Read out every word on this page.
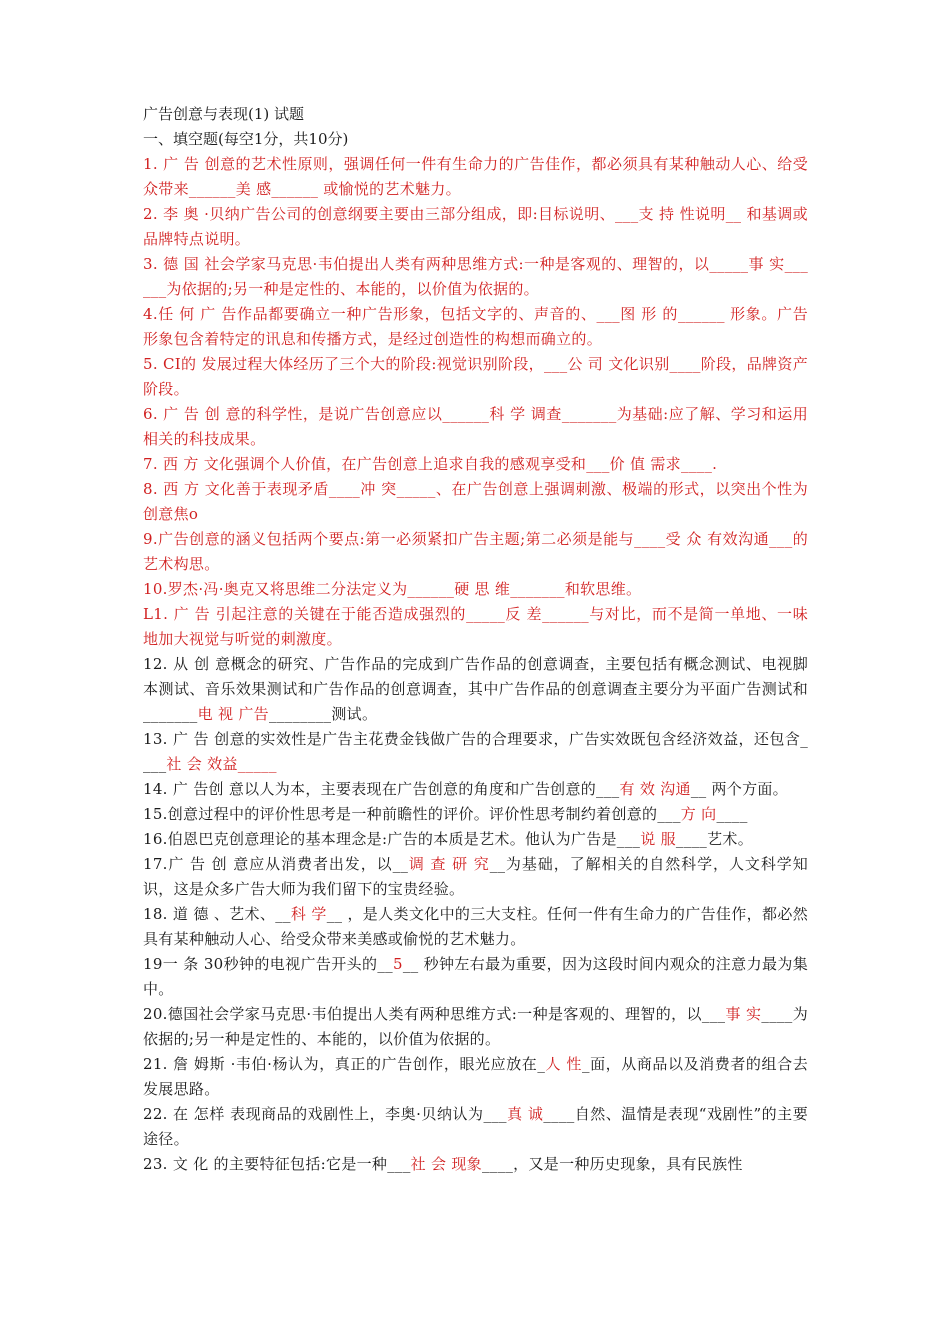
广告创意与表现(1) 试题
一、填空题(每空1分，共10分)
1. 广 告 创意的艺术性原则，强调任何一件有生命力的广告佳作，都必须具有某种触动人心、给受众带来______美 感______ 或愉悦的艺术魅力。
2. 李 奥 ·贝纳广告公司的创意纲要主要由三部分组成，即:目标说明、___支 持 性说明__ 和基调或品牌特点说明。
3. 德 国 社会学家马克思·韦伯提出人类有两种思维方式:一种是客观的、理智的，以_____事 实______为依据的;另一种是定性的、本能的，以价值为依据的。
4.任 何 广 告作品都要确立一种广告形象，包括文字的、声音的、___图 形 的______ 形象。广告形象包含着特定的讯息和传播方式，是经过创造性的构想而确立的。
5. CI的 发展过程大体经历了三个大的阶段:视觉识别阶段，___公 司 文化识别____阶段，品牌资产阶段。
6. 广 告 创 意的科学性，是说广告创意应以______科 学 调查_______为基础:应了解、学习和运用相关的科技成果。
7. 西 方 文化强调个人价值，在广告创意上追求自我的感观享受和___价 值 需求____.
8. 西 方 文化善于表现矛盾____冲 突_____、在广告创意上强调刺激、极端的形式，以突出个性为创意焦o
9.广告创意的涵义包括两个要点:第一必须紧扣广告主题;第二必须是能与____受 众 有效沟通___的艺术构思。
10.罗杰·冯·奥克又将思维二分法定义为______硬 思 维_______和软思维。
L1. 广 告 引起注意的关键在于能否造成强烈的_____反 差______与对比，而不是简一单地、一味地加大视觉与听觉的刺激度。
12. 从 创 意概念的研究、广告作品的完成到广告作品的创意调查，主要包括有概念测试、电视脚本测试、音乐效果测试和广告作品的创意调查，其中广告作品的创意调查主要分为平面广告测试和_______电 视 广告________测试。
13. 广 告 创意的实效性是广告主花费金钱做广告的合理要求，广告实效既包含经济效益，还包含____社 会 效益_____
14. 广 告创 意以人为本，主要表现在广告创意的角度和广告创意的___有 效 沟通__ 两个方面。
15.创意过程中的评价性思考是一种前瞻性的评价。评价性思考制约着创意的___方 向____
16.伯恩巴克创意理论的基本理念是:广告的本质是艺术。他认为广告是___说 服____艺术。
17.广 告 创 意应从消费者出发，以__调 查 研 究__为基础，了解相关的自然科学，人文科学知识，这是众多广告大师为我们留下的宝贵经验。
18. 道 德 、艺术、__科 学__ ，是人类文化中的三大支柱。任何一件有生命力的广告佳作，都必然具有某种触动人心、给受众带来美感或偷悦的艺术魅力。
19一 条 30秒钟的电视广告开头的__5__ 秒钟左右最为重要，因为这段时间内观众的注意力最为集中。
20.德国社会学家马克思·韦伯提出人类有两种思维方式:一种是客观的、理智的，以___事 实____为依据的;另一种是定性的、本能的，以价值为依据的。
21. 詹 姆斯 ·韦伯·杨认为，真正的广告创作，眼光应放在_人 性_面，从商品以及消费者的组合去发展思路。
22. 在 怎样 表现商品的戏剧性上，李奥·贝纳认为___真 诚____自然、温情是表现“戏剧性”的主要途径。
23. 文 化 的主要特征包括:它是一种___社 会 现象____，又是一种历史现象，具有民族性
